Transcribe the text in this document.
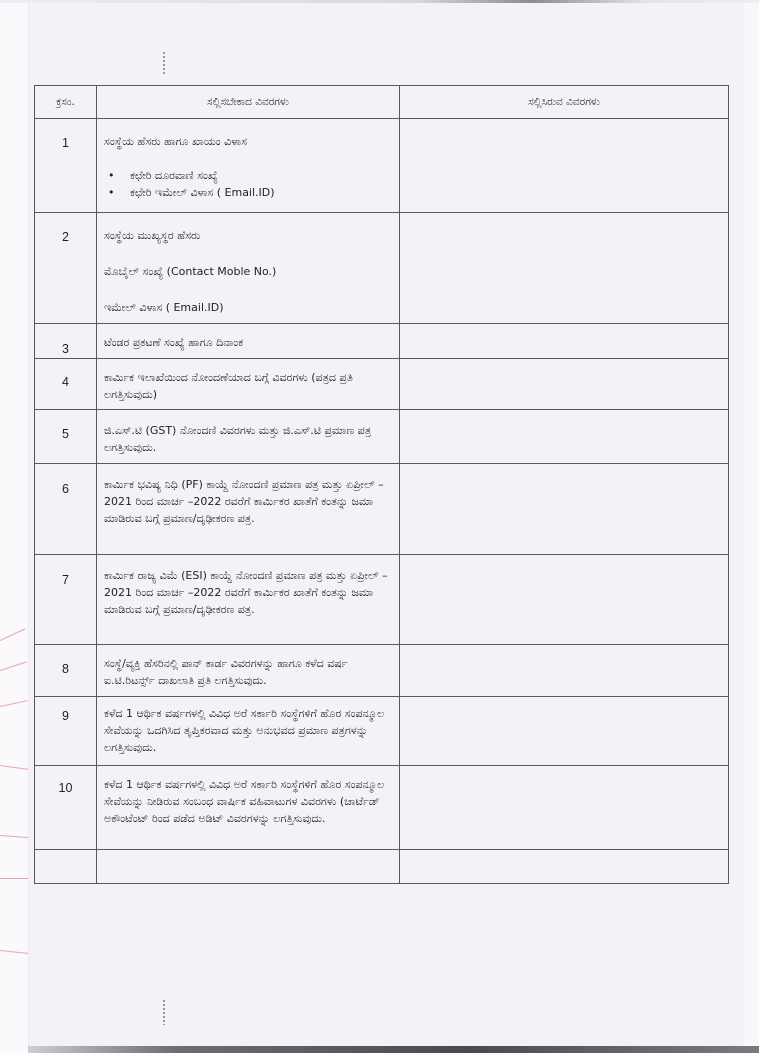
ಕ್ರಸಂ.	ಸಲ್ಲಿಸಬೇಕಾದ ವಿವರಗಳು	ಸಲ್ಲಿಸಿರುವ ವಿವರಗಳು
1	ಸಂಸ್ಥೆಯ ಹೆಸರು ಹಾಗೂ ಖಾಯಂ ವಿಳಾಸ

• ಕಛೇರಿ ದೂರವಾಣಿ ಸಂಖ್ಯೆ
• ಕಛೇರಿ ಇಮೇಲ್ ವಿಳಾಸ ( Email.ID)	

2	ಸಂಸ್ಥೆಯ ಮುಖ್ಯಸ್ಥರ ಹೆಸರು

ಮೊಬೈಲ್ ಸಂಖ್ಯೆ (Contact Moble No.)

ಇಮೇಲ್ ವಿಳಾಸ ( Email.ID)	

3	ಟೆಂಡರ ಪ್ರಕಟಣೆ ಸಂಖ್ಯೆ ಹಾಗೂ ದಿನಾಂಕ	
4	ಕಾರ್ಮಿಕ ಇಲಾಖೆಯಿಂದ ನೋಂದಣೆಯಾದ ಬಗ್ಗೆ ವಿವರಗಳು (ಪತ್ರದ ಪ್ರತಿ ಲಗತ್ತಿಸುವುದು)	
5	ಜಿ.ಎಸ್.ಟಿ (GST) ನೋಂದಣಿ ವಿವರಗಳು ಮತ್ತು ಜಿ.ಎಸ್.ಟಿ ಪ್ರಮಾಣ ಪತ್ರ ಲಗತ್ತಿಸುವುದು.	
6	ಕಾರ್ಮಿಕ ಭವಿಷ್ಯ ನಿಧಿ (PF) ಕಾಯ್ದೆ ನೋಂದಣಿ ಪ್ರಮಾಣ ಪತ್ರ ಮತ್ತು ಏಪ್ರೀಲ್ – 2021 ರಿಂದ ಮಾರ್ಚ –2022 ರವರೆಗೆ ಕಾರ್ಮಿಕರ ಖಾತೆಗೆ ಕಂತನ್ನು ಜಮಾ ಮಾಡಿರುವ ಬಗ್ಗೆ ಪ್ರಮಾಣ/ದೃಢೀಕರಣ ಪತ್ರ.	
7	ಕಾರ್ಮಿಕ ರಾಜ್ಯ ವಿಮೆ (ESI) ಕಾಯ್ದೆ ನೋಂದಣಿ ಪ್ರಮಾಣ ಪತ್ರ ಮತ್ತು ಏಪ್ರೀಲ್ – 2021 ರಿಂದ ಮಾರ್ಚ –2022 ರವರೆಗೆ ಕಾರ್ಮಿಕರ ಖಾತೆಗೆ ಕಂತನ್ನು ಜಮಾ ಮಾಡಿರುವ ಬಗ್ಗೆ ಪ್ರಮಾಣ/ದೃಢೀಕರಣ ಪತ್ರ.	
8	ಸಂಸ್ಥೆ/ವ್ಯಕ್ತಿ ಹೆಸರಿನಲ್ಲಿ ಪಾನ್ ಕಾರ್ಡ ವಿವರಗಳನ್ನು ಹಾಗೂ ಕಳೆದ ವರ್ಷ ಐ.ಟಿ.ರಿಟರ್ನ್ಸ್ ದಾಖಲಾತಿ ಪ್ರತಿ ಲಗತ್ತಿಸುವುದು.	
9	ಕಳೆದ 1 ಆರ್ಥಿಕ ವರ್ಷಗಳಲ್ಲಿ ವಿವಿಧ ಅರೆ ಸರ್ಕಾರಿ ಸಂಸ್ಥೆಗಳಿಗೆ ಹೊರ ಸಂಪನ್ಮೂಲ ಸೇವೆಯನ್ನು ಒದಗಿಸಿದ ತೃಪ್ತಿಕರವಾದ ಮತ್ತು ಅನುಭವದ ಪ್ರಮಾಣ ಪತ್ರಗಳನ್ನು ಲಗತ್ತಿಸುವುದು.	
10	ಕಳೆದ 1 ಆರ್ಥಿಕ ವರ್ಷಗಳಲ್ಲಿ ವಿವಿಧ ಅರೆ ಸರ್ಕಾರಿ ಸಂಸ್ಥೆಗಳಿಗೆ ಹೊರ ಸಂಪನ್ಮೂಲ ಸೇವೆಯನ್ನು ನೀಡಿರುವ ಸಂಬಂಧ ವಾರ್ಷಿಕ ವಹಿವಾಟುಗಳ ವಿವರಗಳು (ಚಾರ್ಟೆಡ್ ಅಕೌಂಟೆಂಟ್ ರಿಂದ ಪಡೆದ ಅಡಿಟ್ ವಿವರಗಳನ್ನು ಲಗತ್ತಿಸುವುದು.	
